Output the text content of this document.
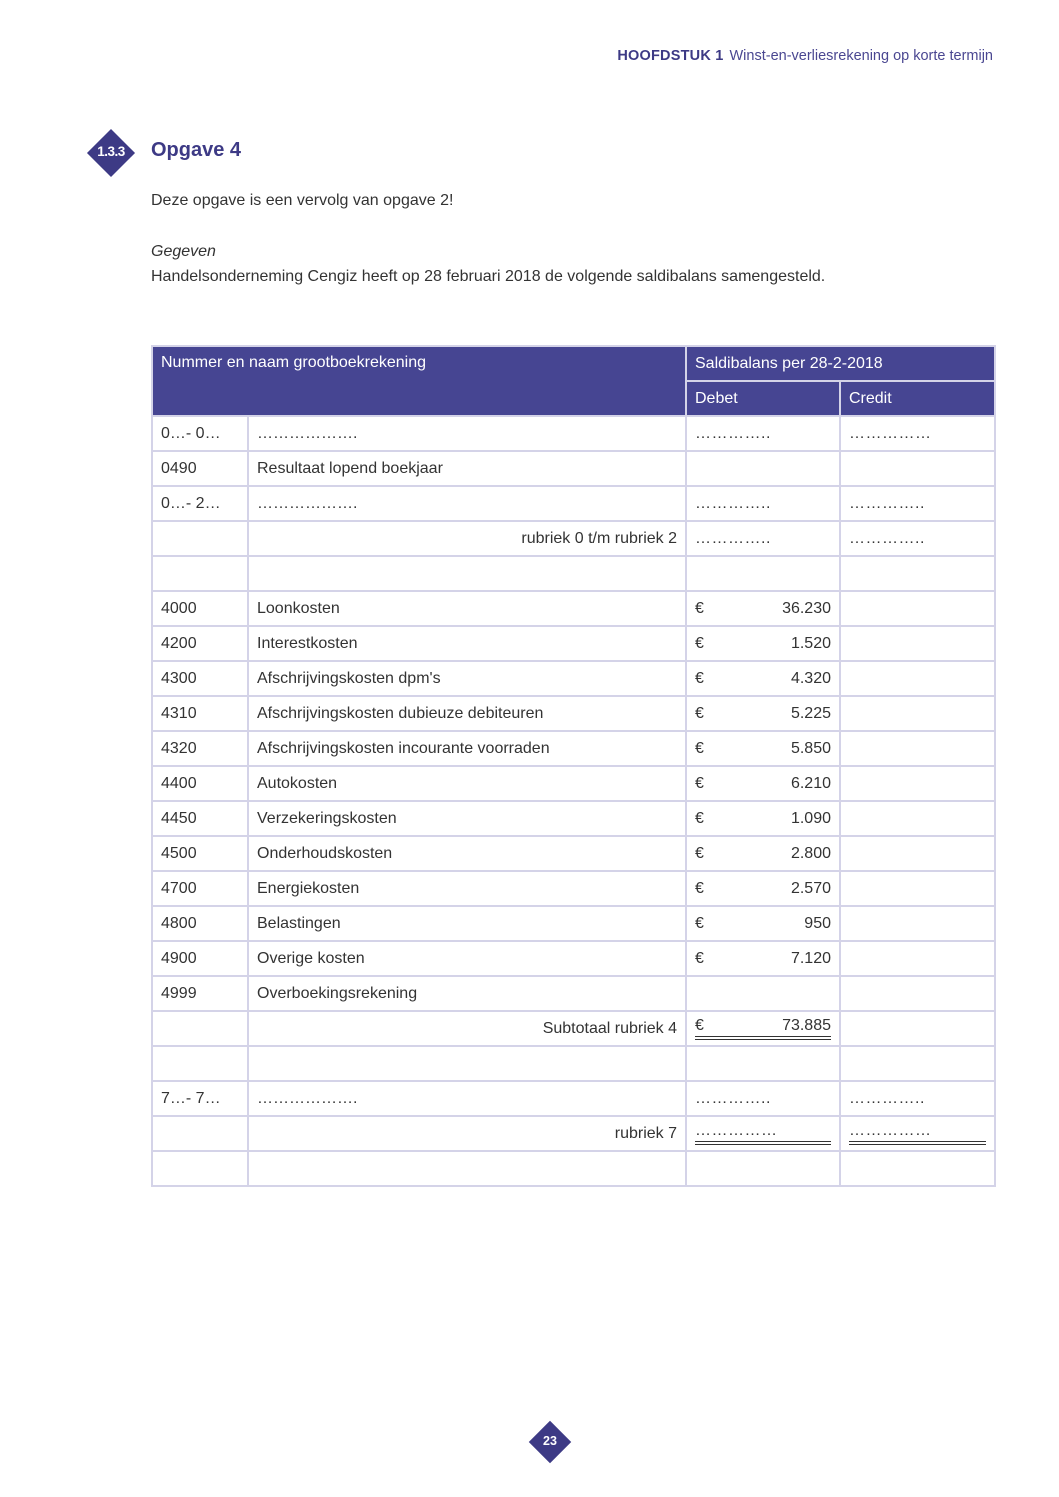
HOOFDSTUK 1 Winst-en-verliesrekening op korte termijn
1.3.3	Opgave 4
Deze opgave is een vervolg van opgave 2!
Gegeven
Handelsonderneming Cengiz heeft op 28 februari 2018 de volgende saldibalans samengesteld.
Nummer en naam grootboekrekening		Saldibalans per 28-2-2018	
		Debet	Credit
0…- 0…	……………….	…………..	……………
0490	Resultaat lopend boekjaar		
0…- 2…	……………….	…………..	…………..
	rubriek 0 t/m rubriek 2	…………..	…………..

4000	Loonkosten	€ 36.230	

4200	Interestkosten	€ 1.520	

4300	Afschrijvingskosten dpm's	€ 4.320	

4310	Afschrijvingskosten dubieuze debiteuren	€ 5.225	

4320	Afschrijvingskosten incourante voorraden	€ 5.850	

4400	Autokosten	€ 6.210	

4450	Verzekeringskosten	€ 1.090	

4500	Onderhoudskosten	€ 2.800	

4700	Energiekosten	€ 2.570	

4800	Belastingen	€ 950	

4900	Overige kosten	€ 7.120	

4999	Overboekingsrekening		
	Subtotaal rubriek 4	€ 73.885	

7…- 7…	……………….	…………..	…………..
	rubriek 7	……………	……………

23
